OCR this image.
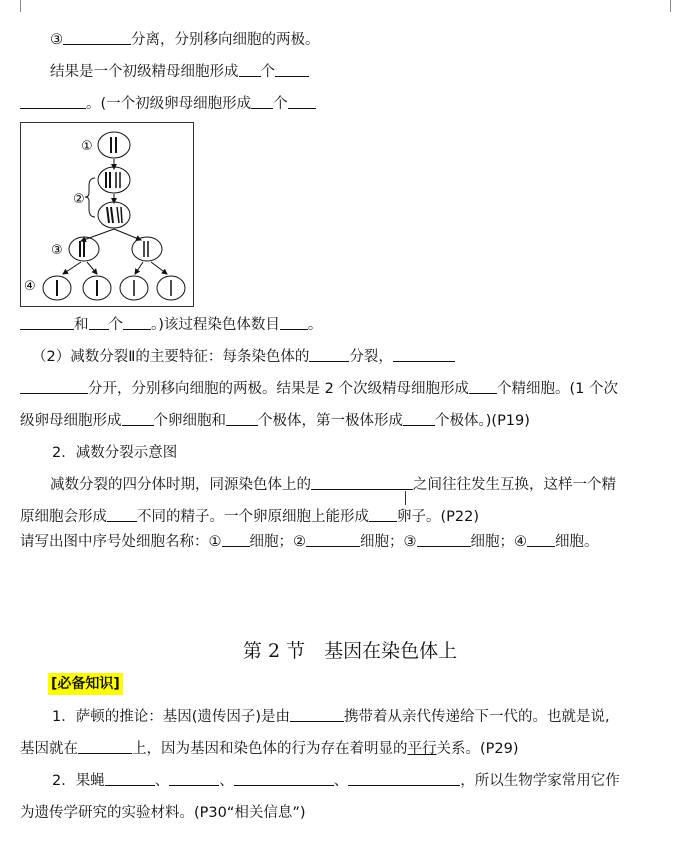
③	分离，分别移向细胞的两极。
结果是一个初级精母细胞形成 个
。(一个初级卵母细胞形成 个
①
②
③
④
和 个 。)该过程染色体数目 。
（2）减数分裂Ⅱ的主要特征：每条染色体的	分裂，
分开，分别移向细胞的两极。结果是 2 个次级精母细胞形成 个精细胞。(1 个次
级卵母细胞形成 个卵细胞和 个极体，第一极体形成 个极体。)(P19)
2．减数分裂示意图
减数分裂的四分体时期，同源染色体上的	之间往往发生互换，这样一个精
原细胞会形成 不同的精子。一个卵原细胞上能形成 卵子。(P22)
请写出图中序号处细胞名称：① 细胞；②	细胞；③	细胞；④ 细胞。
第 2 节　基因在染色体上
[必备知识]
1．萨顿的推论：基因(遗传因子)是由	携带着从亲代传递给下一代的。也就是说,
基因就在	上，因为基因和染色体的行为存在着明显的平行关系。(P29)
2．果蝇	、	、	、	，所以生物学家常用它作
为遗传学研究的实验材料。(P30“相关信息”)
